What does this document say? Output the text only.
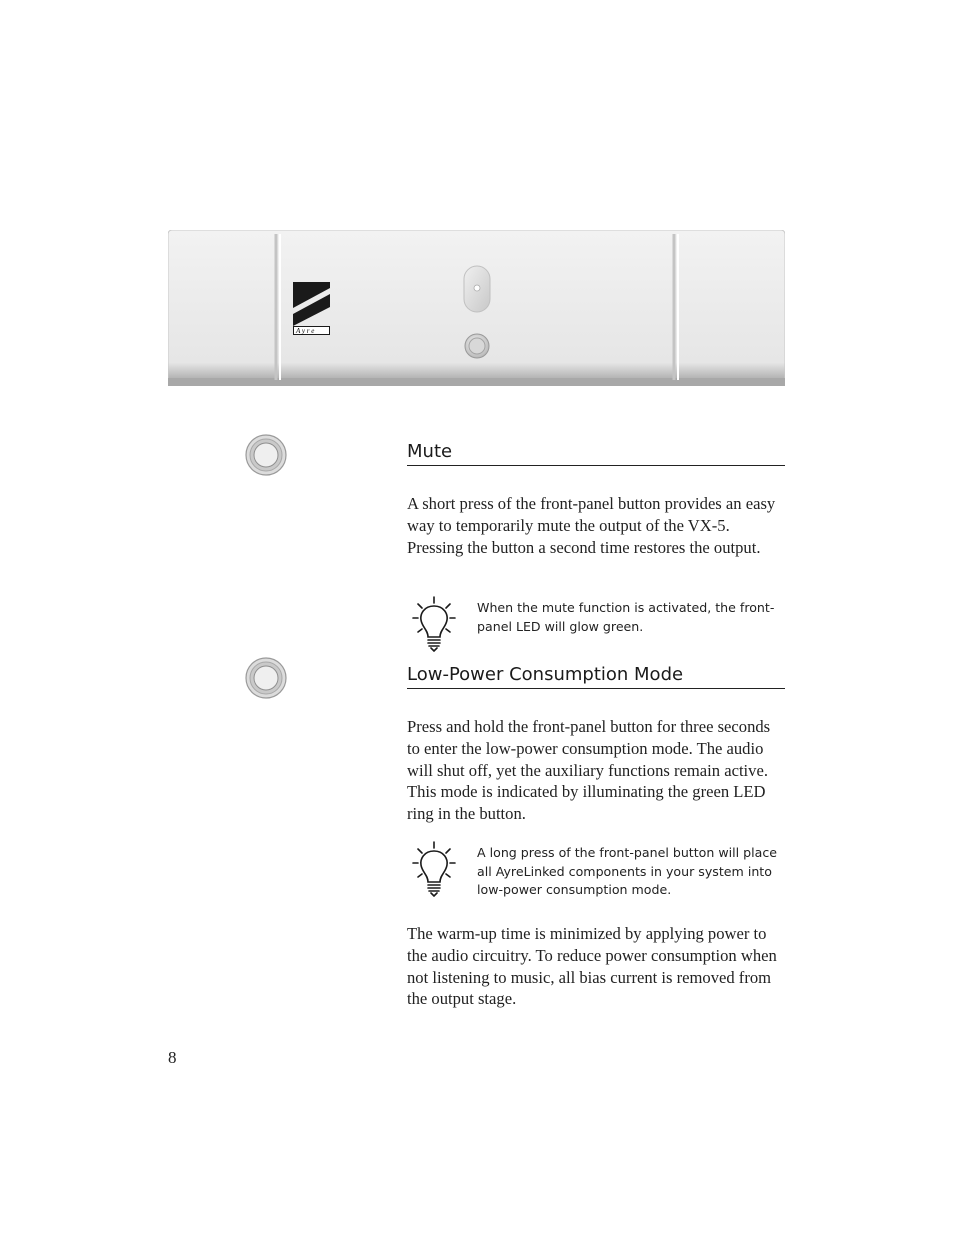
A y r e
Mute
A short press of the front-panel button provides an easy way to temporarily mute the output of the VX-5. Pressing the button a second time restores the output.
When the mute function is activated, the front-panel LED will glow green.
Low-Power Consumption Mode
Press and hold the front-panel button for three seconds to enter the low-power consumption mode. The audio will shut off, yet the auxiliary functions remain active. This mode is indicated by illuminating the green LED ring in the button.
A long press of the front-panel button will place all AyreLinked components in your system into low-power consumption mode.
The warm-up time is minimized by applying power to the audio circuitry. To reduce power consumption when not listening to music, all bias current is removed from the output stage.
8
